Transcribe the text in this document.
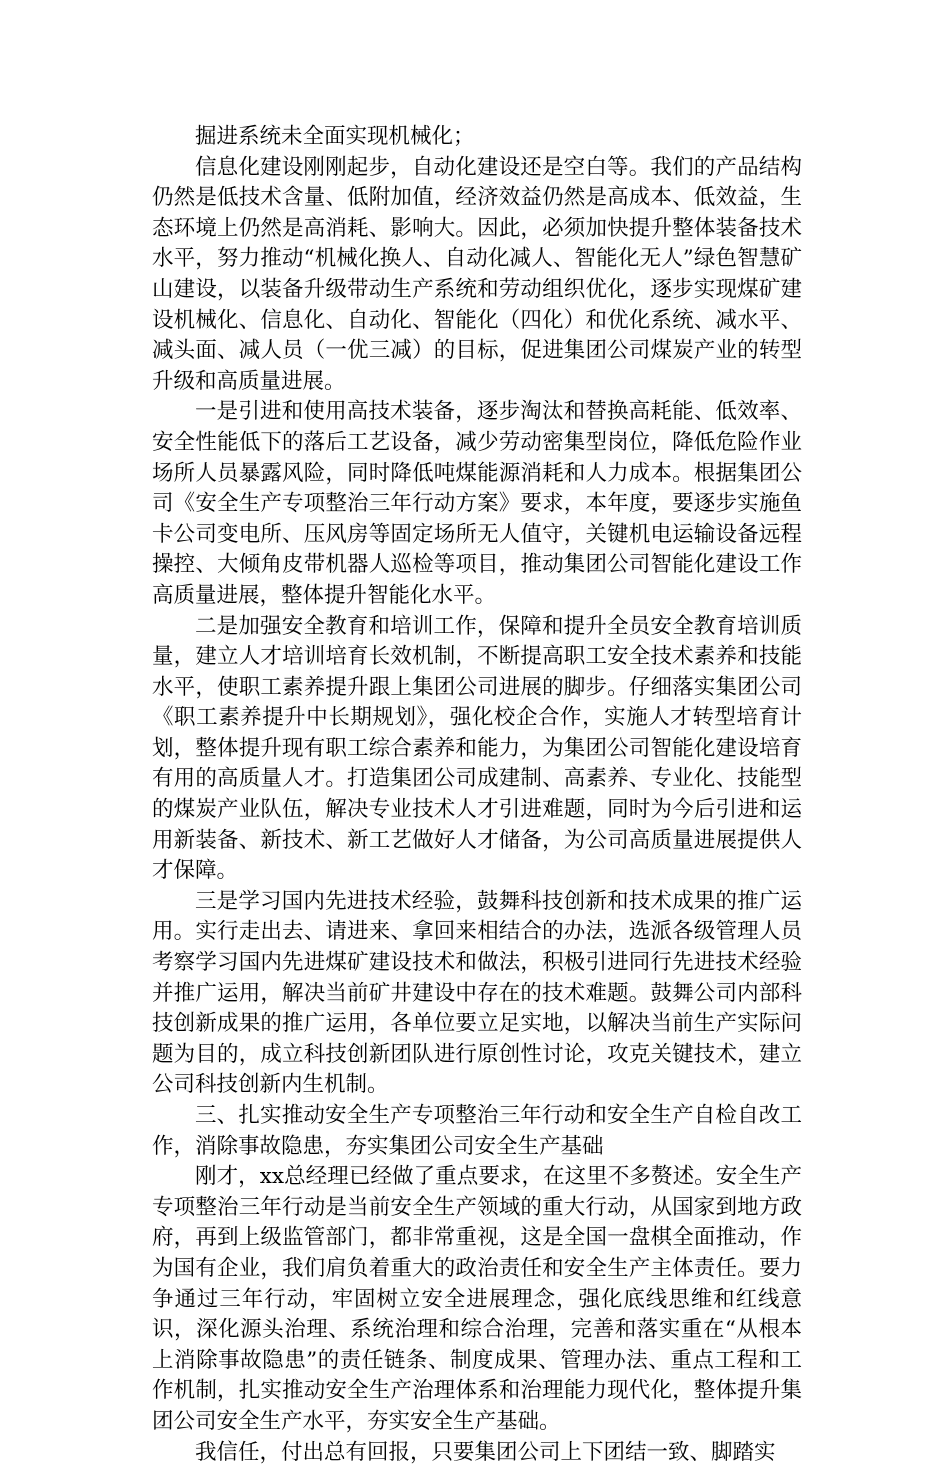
掘进系统未全面实现机械化；

信息化建设刚刚起步，自动化建设还是空白等。我们的产品结构仍然是低技术含量、低附加值，经济效益仍然是高成本、低效益，生态环境上仍然是高消耗、影响大。因此，必须加快提升整体装备技术水平，努力推动“机械化换人、自动化减人、智能化无人”绿色智慧矿山建设，以装备升级带动生产系统和劳动组织优化，逐步实现煤矿建设机械化、信息化、自动化、智能化（四化）和优化系统、减水平、减头面、减人员（一优三减）的目标，促进集团公司煤炭产业的转型升级和高质量进展。

一是引进和使用高技术装备，逐步淘汰和替换高耗能、低效率、安全性能低下的落后工艺设备，减少劳动密集型岗位，降低危险作业场所人员暴露风险，同时降低吨煤能源消耗和人力成本。根据集团公司《安全生产专项整治三年行动方案》要求，本年度，要逐步实施鱼卡公司变电所、压风房等固定场所无人值守，关键机电运输设备远程操控、大倾角皮带机器人巡检等项目，推动集团公司智能化建设工作高质量进展，整体提升智能化水平。

二是加强安全教育和培训工作，保障和提升全员安全教育培训质量，建立人才培训培育长效机制，不断提高职工安全技术素养和技能水平，使职工素养提升跟上集团公司进展的脚步。仔细落实集团公司《职工素养提升中长期规划》，强化校企合作，实施人才转型培育计划，整体提升现有职工综合素养和能力，为集团公司智能化建设培育有用的高质量人才。打造集团公司成建制、高素养、专业化、技能型的煤炭产业队伍，解决专业技术人才引进难题，同时为今后引进和运用新装备、新技术、新工艺做好人才储备，为公司高质量进展提供人才保障。

三是学习国内先进技术经验，鼓舞科技创新和技术成果的推广运用。实行走出去、请进来、拿回来相结合的办法，选派各级管理人员考察学习国内先进煤矿建设技术和做法，积极引进同行先进技术经验并推广运用，解决当前矿井建设中存在的技术难题。鼓舞公司内部科技创新成果的推广运用，各单位要立足实地，以解决当前生产实际问题为目的，成立科技创新团队进行原创性讨论，攻克关键技术，建立公司科技创新内生机制。

三、扎实推动安全生产专项整治三年行动和安全生产自检自改工作，消除事故隐患，夯实集团公司安全生产基础

刚才，xx总经理已经做了重点要求，在这里不多赘述。安全生产专项整治三年行动是当前安全生产领域的重大行动，从国家到地方政府，再到上级监管部门，都非常重视，这是全国一盘棋全面推动，作为国有企业，我们肩负着重大的政治责任和安全生产主体责任。要力争通过三年行动，牢固树立安全进展理念，强化底线思维和红线意识，深化源头治理、系统治理和综合治理，完善和落实重在“从根本上消除事故隐患”的责任链条、制度成果、管理办法、重点工程和工作机制，扎实推动安全生产治理体系和治理能力现代化，整体提升集团公司安全生产水平，夯实安全生产基础。

我信任，付出总有回报，只要集团公司上下团结一致、脚踏实
